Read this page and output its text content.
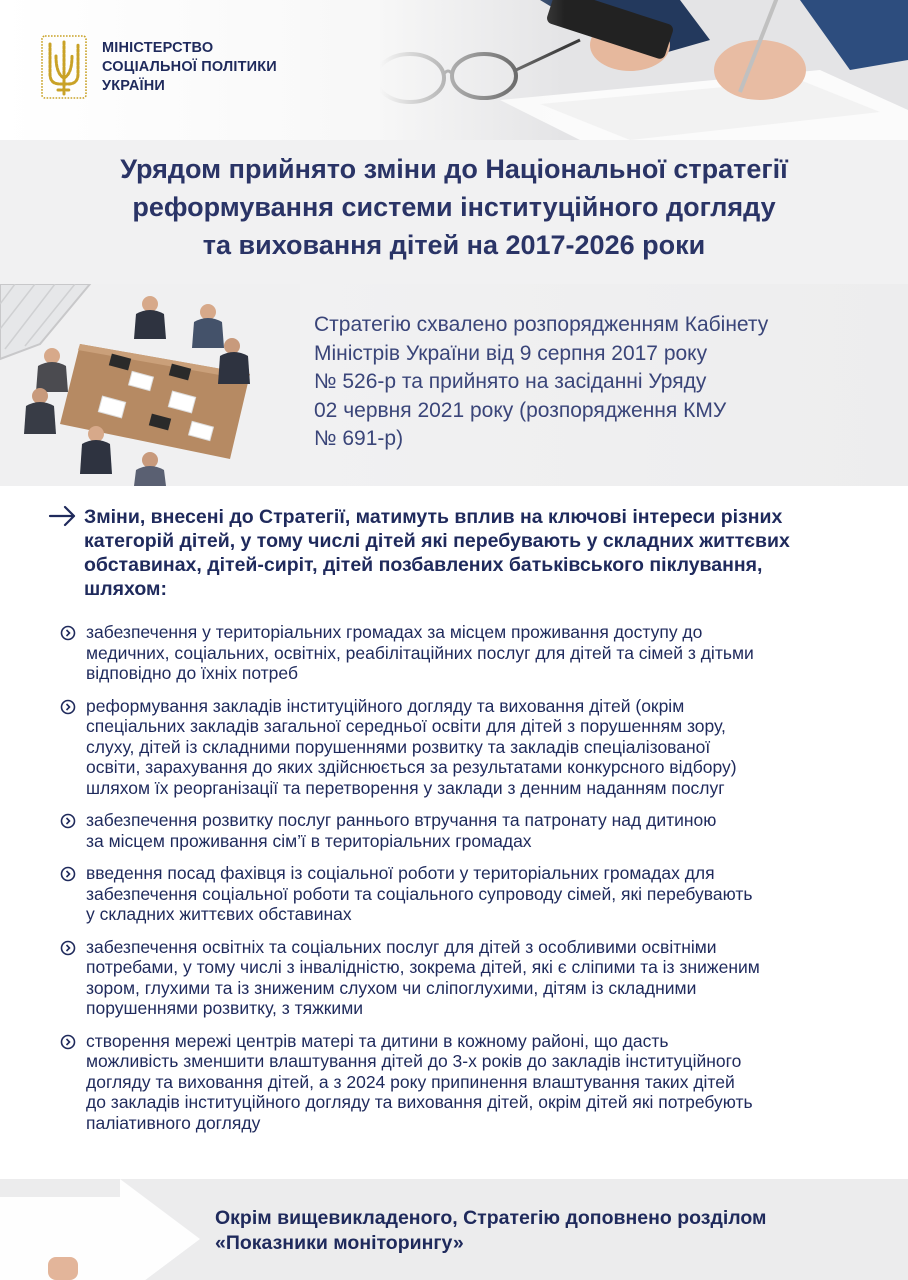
МІНІСТЕРСТВО
СОЦІАЛЬНОЇ ПОЛІТИКИ
УКРАЇНИ
Урядом прийнято зміни до Національної стратегії
реформування системи інституційного догляду
та виховання дітей на 2017-2026 роки
Стратегію схвалено розпорядженням Кабінету
Міністрів України від 9 серпня 2017 року
№ 526-р та прийнято на засіданні Уряду
02 червня 2021 року (розпорядження КМУ
№ 691-р)
Зміни, внесені до Стратегії, матимуть вплив на ключові інтереси різних
категорій дітей, у тому числі дітей які перебувають у складних життєвих
обставинах, дітей-сиріт, дітей позбавлених батьківського піклування,
шляхом:
забезпечення у територіальних громадах за місцем проживання доступу до
медичних, соціальних, освітніх, реабілітаційних послуг для дітей та сімей з дітьми
відповідно до їхніх потреб
реформування закладів інституційного догляду та виховання дітей (окрім
спеціальних закладів загальної середньої освіти для дітей з порушенням зору,
слуху, дітей із складними порушеннями розвитку та закладів спеціалізованої
освіти, зарахування до яких здійснюється за результатами конкурсного відбору)
шляхом їх реорганізації та перетворення у заклади з денним наданням послуг
забезпечення розвитку послуг раннього втручання та патронату над дитиною
за місцем проживання сім’ї в територіальних громадах
введення посад фахівця із соціальної роботи у територіальних громадах для
забезпечення соціальної роботи та соціального супроводу сімей, які перебувають
у складних життєвих обставинах
забезпечення освітніх та соціальних послуг для дітей з особливими освітніми
потребами, у тому числі з інвалідністю, зокрема дітей, які є сліпими та із зниженим
зором, глухими та із зниженим слухом чи сліпоглухими, дітям із складними
порушеннями розвитку, з тяжкими
створення мережі центрів матері та дитини в кожному районі, що дасть
можливість зменшити влаштування дітей до 3-х років до закладів інституційного
догляду та виховання дітей, а з 2024 року припинення влаштування таких дітей
до закладів інституційного догляду та виховання дітей, окрім дітей які потребують
паліативного догляду
Окрім вищевикладеного, Стратегію доповнено розділом
«Показники моніторингу»
